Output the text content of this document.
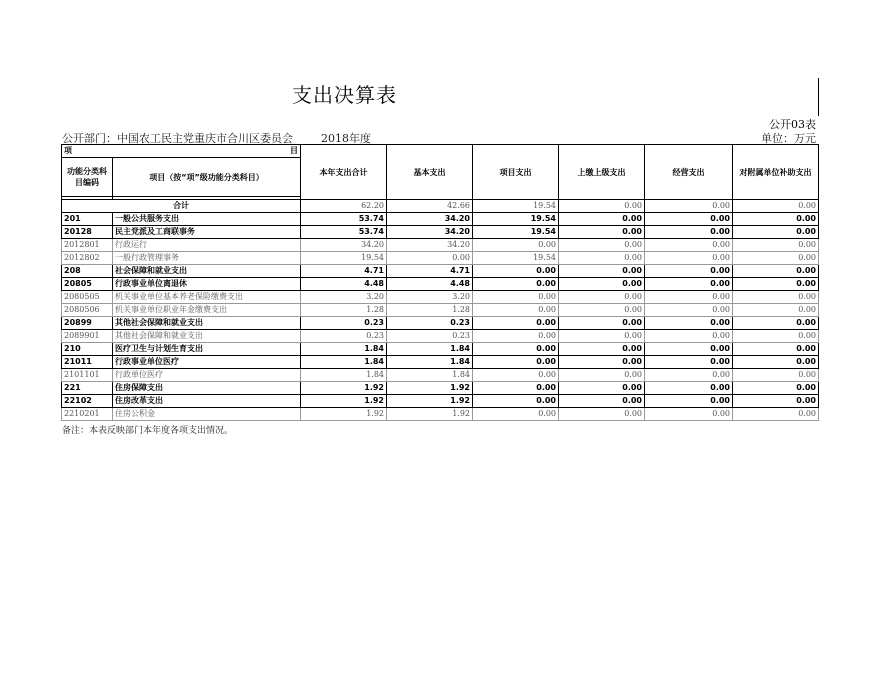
支出决算表
公开03表
公开部门：中国农工民主党重庆市合川区委员会	2018年度	单位：万元
项 目		本年支出合计	基本支出	项目支出	上缴上级支出	经营支出	对附属单位补助支出
功能分类科目编码	项目（按“项”级功能分类科目）						

合计		62.20	42.66	19.54	0.00	0.00	0.00
201	一般公共服务支出	53.74	34.20	19.54	0.00	0.00	0.00
20128	民主党派及工商联事务	53.74	34.20	19.54	0.00	0.00	0.00
2012801	行政运行	34.20	34.20	0.00	0.00	0.00	0.00
2012802	一般行政管理事务	19.54	0.00	19.54	0.00	0.00	0.00
208	社会保障和就业支出	4.71	4.71	0.00	0.00	0.00	0.00
20805	行政事业单位离退休	4.48	4.48	0.00	0.00	0.00	0.00
2080505	机关事业单位基本养老保险缴费支出	3.20	3.20	0.00	0.00	0.00	0.00
2080506	机关事业单位职业年金缴费支出	1.28	1.28	0.00	0.00	0.00	0.00
20899	其他社会保障和就业支出	0.23	0.23	0.00	0.00	0.00	0.00
2089901	其他社会保障和就业支出	0.23	0.23	0.00	0.00	0.00	0.00
210	医疗卫生与计划生育支出	1.84	1.84	0.00	0.00	0.00	0.00
21011	行政事业单位医疗	1.84	1.84	0.00	0.00	0.00	0.00
2101101	行政单位医疗	1.84	1.84	0.00	0.00	0.00	0.00
221	住房保障支出	1.92	1.92	0.00	0.00	0.00	0.00
22102	住房改革支出	1.92	1.92	0.00	0.00	0.00	0.00
2210201	住房公积金	1.92	1.92	0.00	0.00	0.00	0.00
备注：本表反映部门本年度各项支出情况。
